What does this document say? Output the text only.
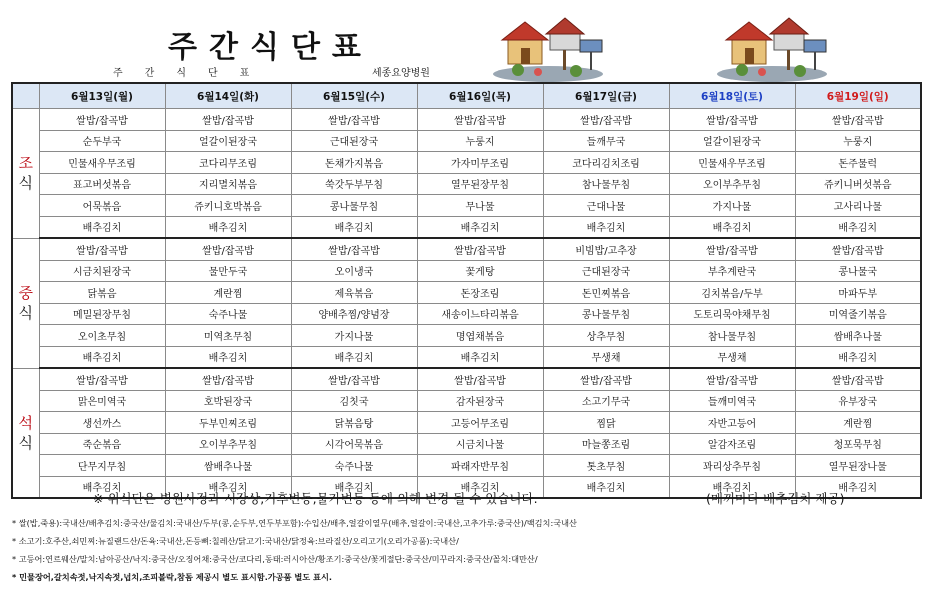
주간식단표
주간식단표	세종요양병원
	6월13일(월)	6월14일(화)	6월15일(수)	6월16일(목)	6월17일(금)	6월18일(토)	6월19일(일)

조
식	쌀밥/잡곡밥	쌀밥/잡곡밥	쌀밥/잡곡밥	쌀밥/잡곡밥	쌀밥/잡곡밥	쌀밥/잡곡밥	쌀밥/잡곡밥
	순두부국	얼갈이된장국	근대된장국	누룽지	들깨무국	얼갈이된장국	누룽지
	민물새우무조림	코다리무조림	돈채가지볶음	가자미무조림	코다리김치조림	민물새우무조림	돈주물럭
	표고버섯볶음	지리멸치볶음	쑥갓두부무침	열무된장무침	참나물무침	오이부추무침	쥬키니버섯볶음
	어묵볶음	쥬키니호박볶음	콩나물무침	무나물	근대나물	가지나물	고사리나물
	배추김치	배추김치	배추김치	배추김치	배추김치	배추김치	배추김치

중
식	쌀밥/잡곡밥	쌀밥/잡곡밥	쌀밥/잡곡밥	쌀밥/잡곡밥	비빔밥/고추장	쌀밥/잡곡밥	쌀밥/잡곡밥
	시금치된장국	물만두국	오이냉국	꽃게탕	근대된장국	부추계란국	콩나물국
	닭볶음	계란찜	제육볶음	돈장조림	돈민찌볶음	김치볶음/두부	마파두부
	메밀된장무침	숙주나물	양배추찜/양념장	새송이느타리볶음	콩나물무침	도토리묵야채무침	미역줄기볶음
	오이초무침	미역초무침	가지나물	명엽채볶음	상추무침	참나물무침	쌈배추나물
	배추김치	배추김치	배추김치	배추김치	무생채	무생채	배추김치

석
식	쌀밥/잡곡밥	쌀밥/잡곡밥	쌀밥/잡곡밥	쌀밥/잡곡밥	쌀밥/잡곡밥	쌀밥/잡곡밥	쌀밥/잡곡밥
	맑은미역국	호박된장국	김칫국	감자된장국	소고기무국	들깨미역국	유부장국
	생선까스	두부민찌조림	닭볶음탕	고등어무조림	찜닭	자반고등어	계란찜
	죽순볶음	오이부추무침	시각어묵볶음	시금치나물	마늘쫑조림	알감자조림	청포묵무침
	단무지무침	쌈배추나물	숙주나물	파래자반무침	톳초무침	꽈리상추무침	열무된장나물
	배추김치	배추김치	배추김치	배추김치	배추김치	배추김치	배추김치
※ 위식단은 병원사정과 시장상,기후변동,물가변동 등에 의해 변경 될 수 있습니다.	(매끼마다 배추김치 제공)
* 쌀(밥,죽용):국내산/배추김치:중국산/물김치:국내산/두부(콩,순두부,연두부포함):수입산/배추,얼갈이열무(배추,얼갈이:국내산,고추가루:중국산)/백김치:국내산
* 소고기:호주산,쇠민찌:뉴질랜드산/돈육:국내산,돈등뼈:칠레산/닭고기:국내산/닭정육:브라질산/오리고기(오리가공품):국내산/
* 고등어:연르웨산/말치:남아공산/낙지:중국산/오징어채:중국산/코다리,동태:러시아산/황조기:중국산/꽃게절단:중국산/미꾸라지:중국산/꼴치:대만산/
* 민물장어,갈치속젓,낙지속젓,넙치,조피볼락,참돔 제공시 별도 표시함.가공품 별도 표시.
